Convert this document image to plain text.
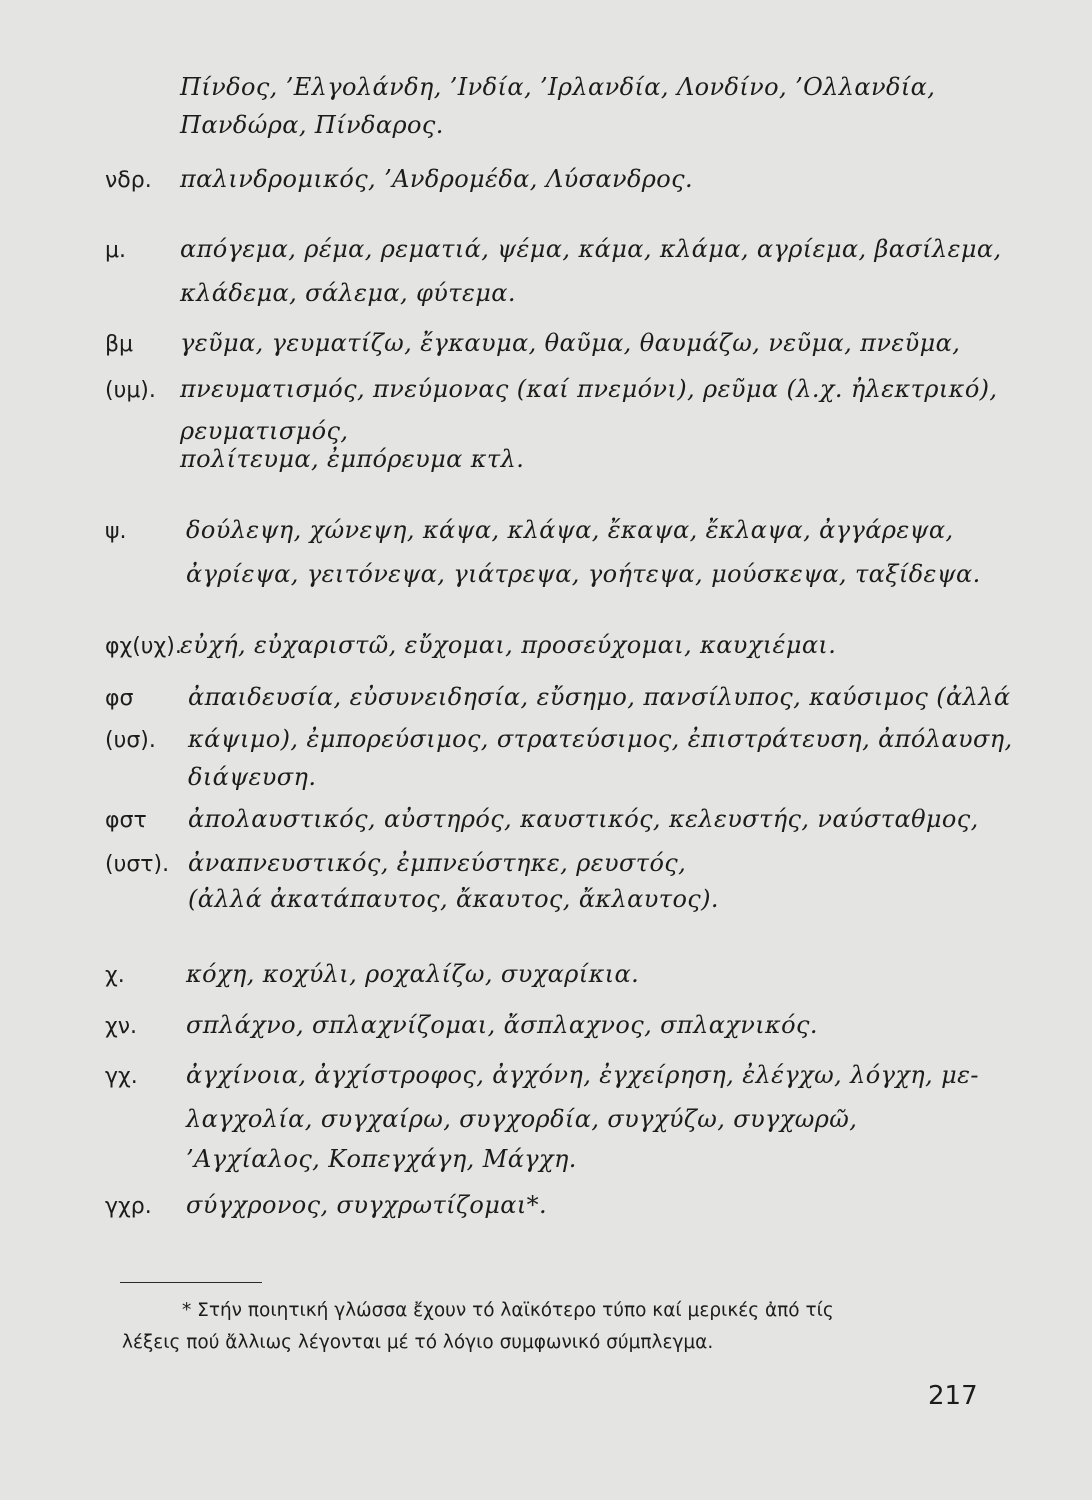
Πίνδος, ’Ελγολάνδη, ’Ινδία, ’Ιρλανδία, Λονδίνο, ’Ολλανδία,
Πανδώρα, Πίνδαρος.
νδρ. παλινδρομικός, ’Ανδρομέδα, Λύσανδρος.
μ. απόγεμα, ρέμα, ρεματιά, ψέμα, κάμα, κλάμα, αγρίεμα, βασίλεμα,
κλάδεμα, σάλεμα, φύτεμα.
βμ
(υμ).
γεῦμα, γευματίζω, ἔγκαυμα, θαῦμα, θαυμάζω, νεῦμα, πνεῦμα,
πνευματισμός, πνεύμονας (καί πνεμόνι), ρεῦμα (λ.χ. ἠλεκτρικό),
ρευματισμός,
πολίτευμα, ἐμπόρευμα κτλ.
ψ. δούλεψη, χώνεψη, κάψα, κλάψα, ἔκαψα, ἔκλαψα, ἀγγάρεψα,
ἀγρίεψα, γειτόνεψα, γιάτρεψα, γοήτεψα, μούσκεψα, ταξίδεψα.
φχ(υχ).
εὐχή, εὐχαριστῶ, εὔχομαι, προσεύχομαι, καυχιέμαι.
φσ
(υσ).
ἀπαιδευσία, εὐσυνειδησία, εὔσημο, πανσίλυπος, καύσιμος (ἀλλά
κάψιμο), ἐμπορεύσιμος, στρατεύσιμος, ἐπιστράτευση, ἀπόλαυση,
διάψευση.
φστ
(υστ).
ἀπολαυστικός, αὐστηρός, καυστικός, κελευστής, ναύσταθμος,
ἀναπνευστικός, ἐμπνεύστηκε, ρευστός,
(ἀλλά ἀκατάπαυτος, ἄκαυτος, ἄκλαυτος).
χ.	κόχη, κοχύλι, ροχαλίζω, συχαρίκια.
χν. σπλάχνο, σπλαχνίζομαι, ἄσπλαχνος, σπλαχνικός.
γχ. ἀγχίνοια, ἀγχίστροφος, ἀγχόνη, ἐγχείρηση, ἐλέγχω, λόγχη, με-
λαγχολία, συγχαίρω, συγχορδία, συγχύζω, συγχωρῶ,
’Αγχίαλος, Κοπεγχάγη, Μάγχη.
γχρ. σύγχρονος, συγχρωτίζομαι*.
* Στήν ποιητική γλώσσα ἔχουν τό λαϊκότερο τύπο καί μερικές ἀπό τίς
λέξεις πού ἄλλιως λέγονται μέ τό λόγιο συμφωνικό σύμπλεγμα.
217
